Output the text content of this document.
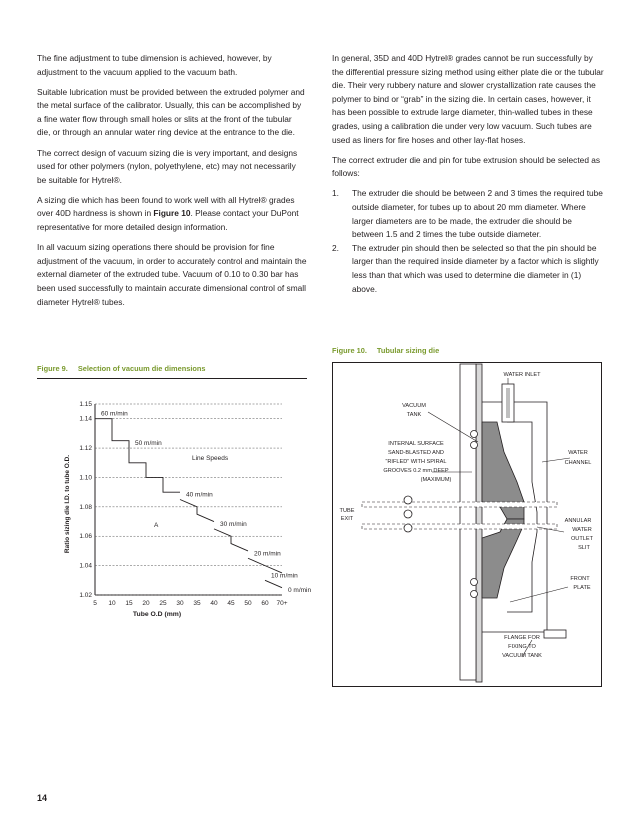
The fine adjustment to tube dimension is achieved, however, by adjustment to the vacuum applied to the vacuum bath.

Suitable lubrication must be provided between the extruded polymer and the metal surface of the calibrator. Usually, this can be accomplished by a fine water flow through small holes or slits at the front of the tubular die, or through an annular water ring device at the entrance to the die.

The correct design of vacuum sizing die is very important, and designs used for other polymers (nylon, polyethylene, etc) may not necessarily be suitable for Hytrel®.

A sizing die which has been found to work well with all Hytrel® grades over 40D hardness is shown in Figure 10. Please contact your DuPont representative for more detailed design information.

In all vacuum sizing operations there should be provision for fine adjustment of the vacuum, in order to accurately control and maintain the external diameter of the extruded tube. Vacuum of 0.10 to 0.30 bar has been used successfully to maintain accurate dimensional control of small diameter Hytrel® tubes.

In general, 35D and 40D Hytrel® grades cannot be run successfully by the differential pressure sizing method using either plate die or the tubular die. Their very rubbery nature and slower crystallization rate causes the polymer to bind or “grab” in the sizing die. In certain cases, however, it has been possible to extrude large diameter, thin-walled tubes in these grades, using a calibration die under very low vacuum. Such tubes are used as liners for fire hoses and other lay-flat hoses.

The correct extruder die and pin for tube extrusion should be selected as follows:

1. The extruder die should be between 2 and 3 times the required tube outside diameter, for tubes up to about 20 mm diameter. Where larger diameters are to be made, the extruder die should be between 1.5 and 2 times the tube outside diameter.
2. The extruder pin should then be selected so that the pin should be larger than the required inside diameter by a factor which is slightly less than that which was used to determine die diameter in (1) above.
Figure 9. Selection of vacuum die dimensions
5 10 15 20 25 30 35 40 45 50 60 70+
1.02
1.04
1.06
1.08
1.10
1.12
1.14
1.15
60 m/min
50 m/min
40 m/min
30 m/min
20 m/min
10 m/min
0 m/min
Tube O.D (mm)
Ratio sizing die I.D. to tube O.D.	Line Speeds
A
Figure 10. Tubular sizing die
WATER INLET
VACUUM
TANK
INTERNAL SURFACE
SAND-BLASTED AND
“RIFLED” WITH SPIRAL
GROOVES 0.2 mm DEEP
(MAXIMUM)
WATER
CHANNEL
TUBE
EXIT	ANNULAR
WATER
OUTLET
SLIT
FRONT
PLATE
FLANGE FOR
FIXING TO
VACUUM TANK
14
